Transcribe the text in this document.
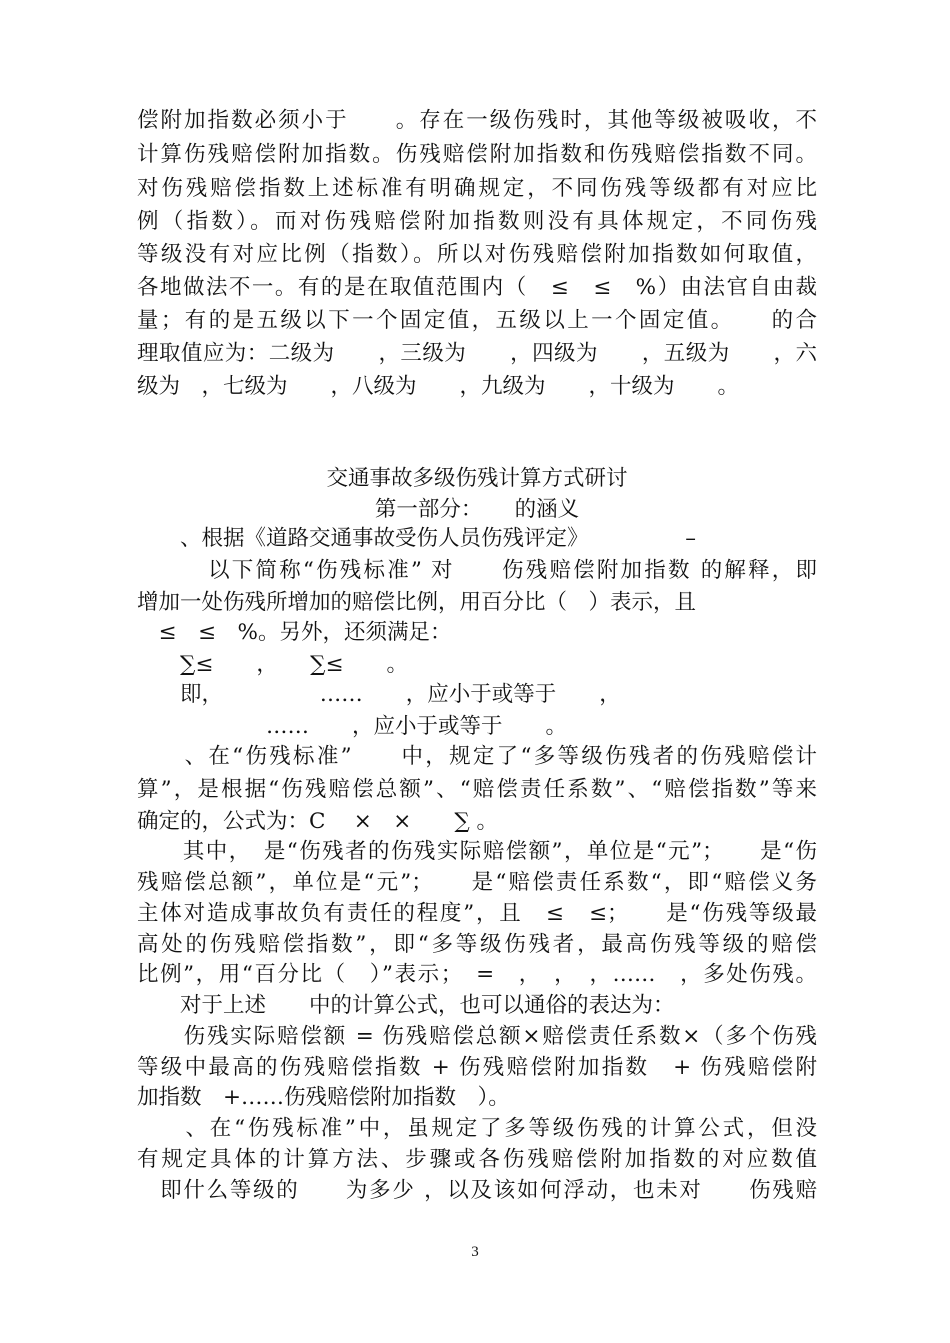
偿附加指数必须小于　　。存在一级伤残时，其他等级被吸收，不
计算伤残赔偿附加指数。伤残赔偿附加指数和伤残赔偿指数不同。
对伤残赔偿指数上述标准有明确规定，不同伤残等级都有对应比
例（指数）。而对伤残赔偿附加指数则没有具体规定，不同伤残
等级没有对应比例（指数）。所以对伤残赔偿附加指数如何取值，
各地做法不一。有的是在取值范围内（　≤　≤　%）由法官自由裁
量；有的是五级以下一个固定值，五级以上一个固定值。　　的合
理取值应为：二级为　　，三级为　　，四级为　　，五级为　　，六
级为　，七级为　　，八级为　　，九级为　　，十级为　　。
交通事故多级伤残计算方式研讨
第一部分：　　的涵义
　　、根据《道路交通事故受伤人员伤残评定》　　　　　–
　　　以下简称“伤残标准” 对　　伤残赔偿附加指数 的解释，即
增加一处伤残所增加的赔偿比例，用百分比（　）表示，且
　≤　≤　%。另外，还须满足：
　　∑≤　　，　　∑≤　　。
　　即，　　　　　……　　，应小于或等于　　，
　　　　　　……　　，应小于或等于　　。
　　、在“伤残标准”　　中，规定了“多等级伤残者的伤残赔偿计
算”，是根据“伤残赔偿总额”、“赔偿责任系数”、“赔偿指数”等来
确定的，公式为：C　 ×　×　　∑ 。
　　其中，　是“伤残者的伤残实际赔偿额”，单位是“元”；　　是“伤
残赔偿总额”，单位是“元”；　　是“赔偿责任系数“，即“赔偿义务
主体对造成事故负有责任的程度”，且　≤　≤；　　是“伤残等级最
高处的伤残赔偿指数”，即“多等级伤残者，最高伤残等级的赔偿
比例”，用“百分比（　）”表示；　=　，　，　，……　，多处伤残。
　　对于上述　　中的计算公式，也可以通俗的表达为：
　　伤残实际赔偿额 = 伤残赔偿总额×赔偿责任系数×（多个伤残
等级中最高的伤残赔偿指数 + 伤残赔偿附加指数　+ 伤残赔偿附
加指数　+……伤残赔偿附加指数　）。
　　、在“伤残标准”中，虽规定了多等级伤残的计算公式，但没
有规定具体的计算方法、步骤或各伤残赔偿附加指数的对应数值
　即什么等级的　　为多少 ，以及该如何浮动，也未对　　伤残赔
3
